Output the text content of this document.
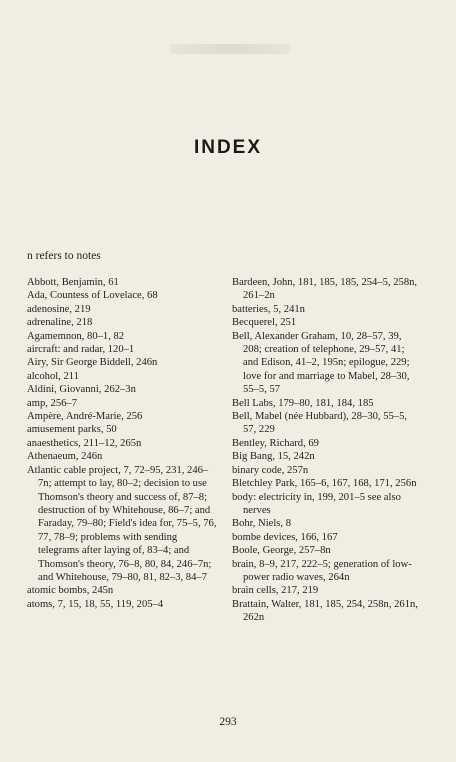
INDEX
n refers to notes

Abbott, Benjamin, 61

Ada, Countess of Lovelace, 68

adenosine, 219

adrenaline, 218

Agamemnon, 80–1, 82

aircraft: and radar, 120–1

Airy, Sir George Biddell, 246n

alcohol, 211

Aldini, Giovanni, 262–3n

amp, 256–7

Ampère, André-Marie, 256

amusement parks, 50

anaesthetics, 211–12, 265n

Athenaeum, 246n

Atlantic cable project, 7, 72–95, 231, 246–7n; attempt to lay, 80–2; decision to use Thomson's theory and success of, 87–8; destruction of by Whitehouse, 86–7; and Faraday, 79–80; Field's idea for, 75–5, 76, 77, 78–9; problems with sending telegrams after laying of, 83–4; and Thomson's theory, 76–8, 80, 84, 246–7n; and Whitehouse, 79–80, 81, 82–3, 84–7

atomic bombs, 245n

atoms, 7, 15, 18, 55, 119, 205–4

Bardeen, John, 181, 185, 185, 254–5, 258n, 261–2n

batteries, 5, 241n

Becquerel, 251

Bell, Alexander Graham, 10, 28–57, 39, 208; creation of telephone, 29–57, 41; and Edison, 41–2, 195n; epilogue, 229; love for and marriage to Mabel, 28–30, 55–5, 57

Bell Labs, 179–80, 181, 184, 185

Bell, Mabel (née Hubbard), 28–30, 55–5, 57, 229

Bentley, Richard, 69

Big Bang, 15, 242n

binary code, 257n

Bletchley Park, 165–6, 167, 168, 171, 256n

body: electricity in, 199, 201–5 see also nerves

Bohr, Niels, 8

bombe devices, 166, 167

Boole, George, 257–8n

brain, 8–9, 217, 222–5; generation of low-power radio waves, 264n

brain cells, 217, 219

Brattain, Walter, 181, 185, 254, 258n, 261n, 262n

293
